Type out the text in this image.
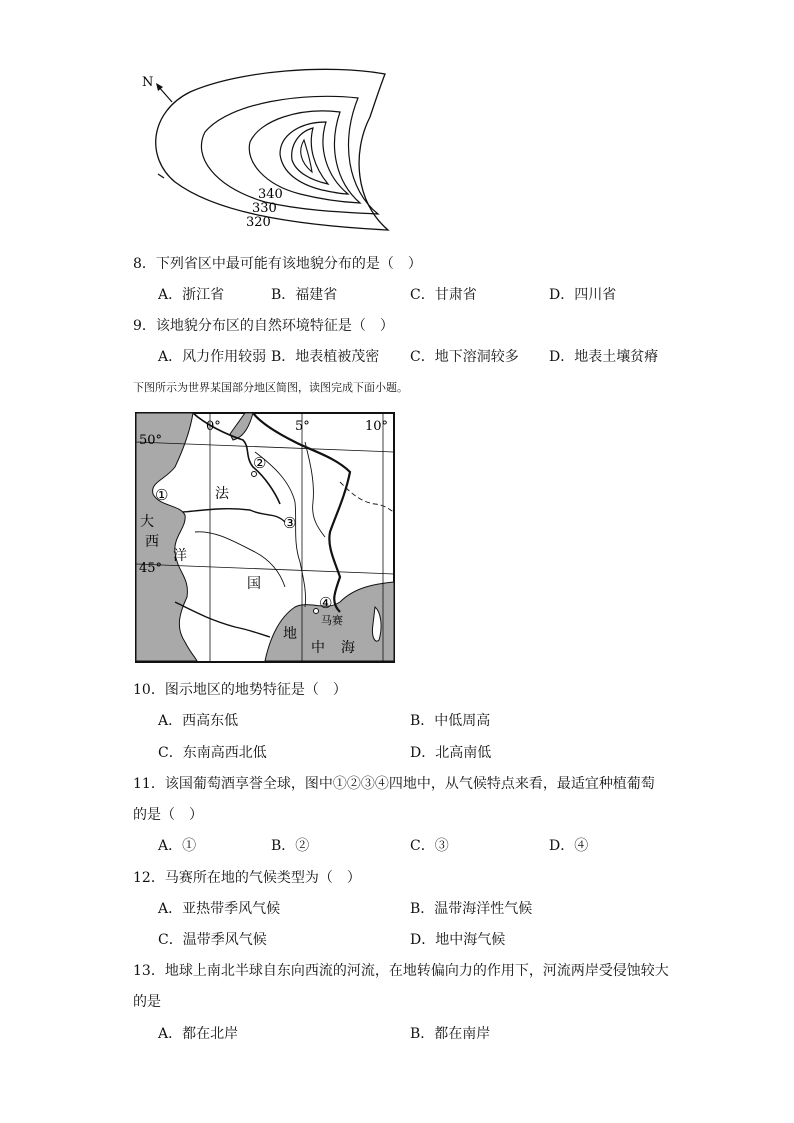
N
340
330
320
8．下列省区中最可能有该地貌分布的是（　）
A．浙江省	B．福建省	C．甘肃省	D．四川省
9．该地貌分布区的自然环境特征是（　）
A．风力作用较弱 B．地表植被茂密 C．地下溶洞较多 D．地表土壤贫瘠
下图所示为世界某国部分地区简图，读图完成下面小题。
0°	5°	10°
50°
45°
大
西
洋
法
国
地
中 海
①
②
③
④
马赛
10．图示地区的地势特征是（　）
A．西高东低	B．中低周高
C．东南高西北低	D．北高南低
11．该国葡萄酒享誉全球，图中①②③④四地中，从气候特点来看，最适宜种植葡萄
的是（　）
A．①	B．②	C．③	D．④
12．马赛所在地的气候类型为（　）
A．亚热带季风气候	B．温带海洋性气候
C．温带季风气候	D．地中海气候
13．地球上南北半球自东向西流的河流，在地转偏向力的作用下，河流两岸受侵蚀较大
的是
A．都在北岸	B．都在南岸
